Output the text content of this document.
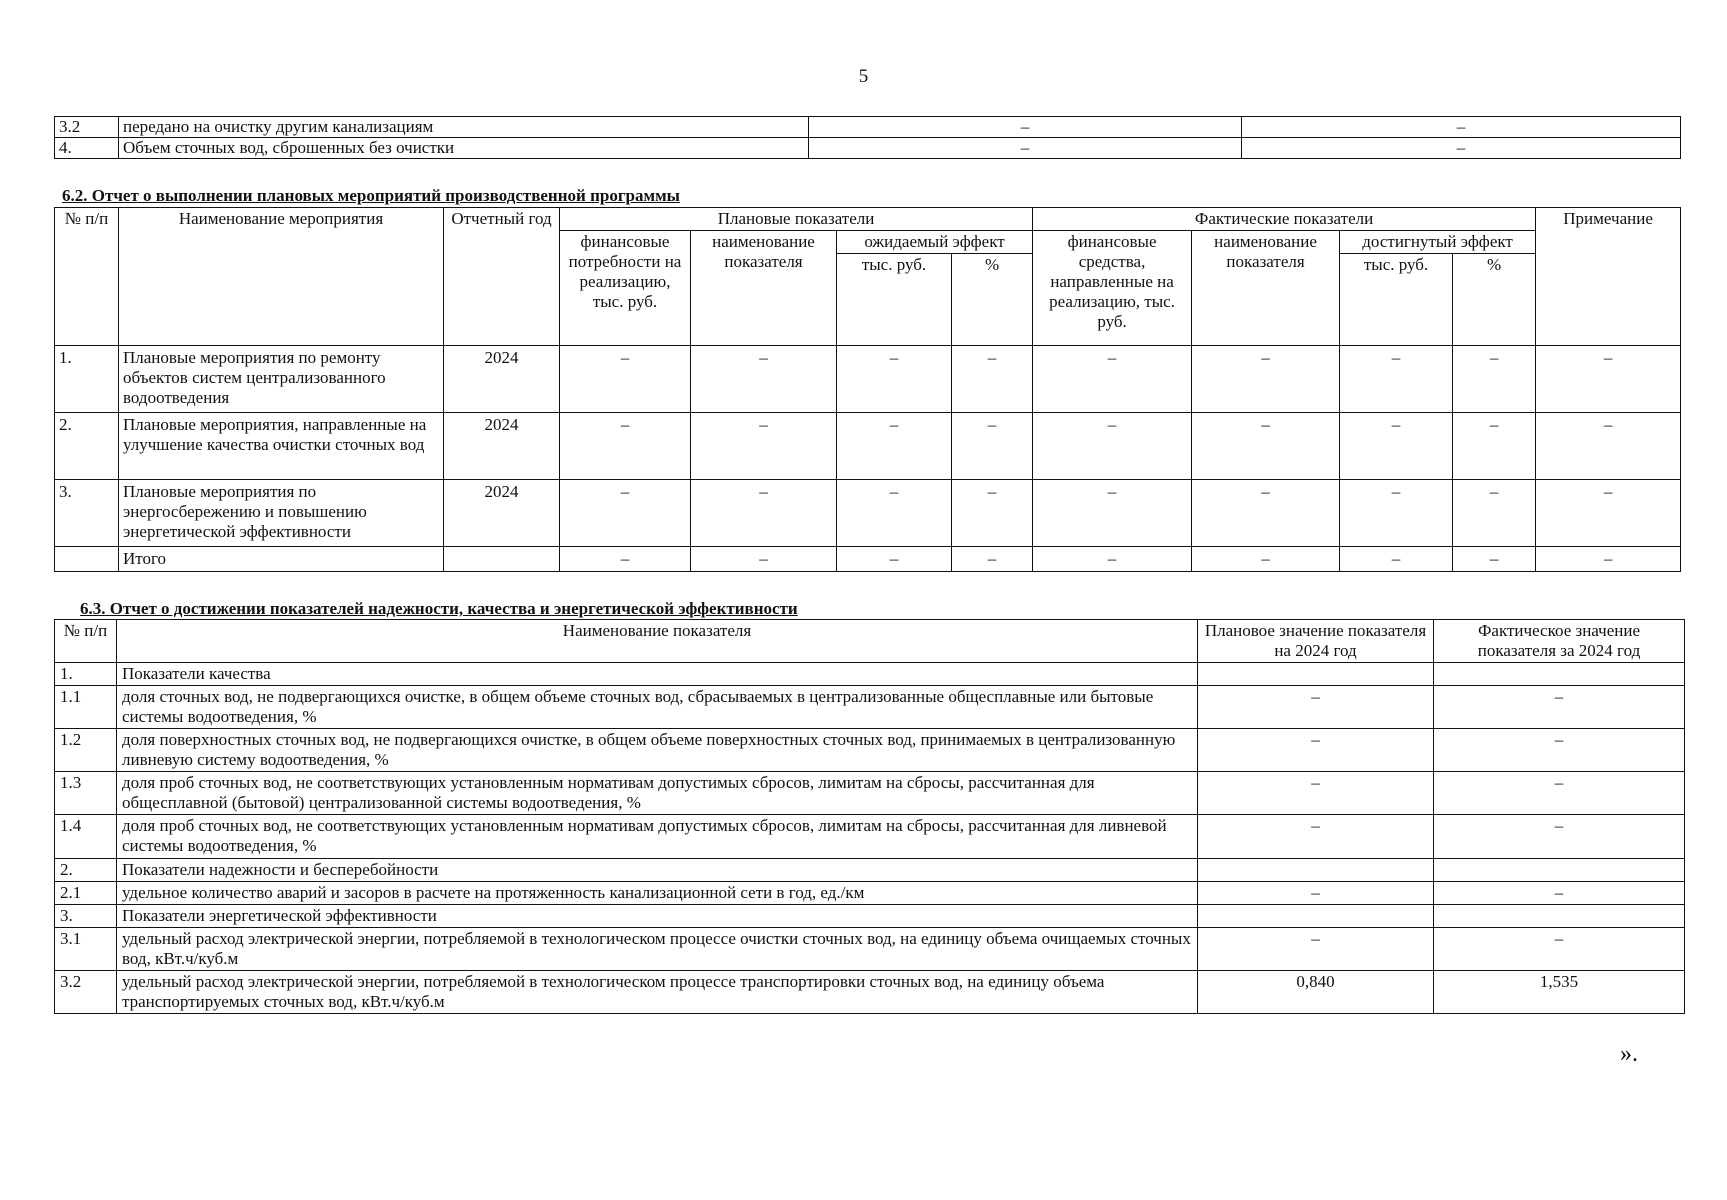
5
3.2	передано на очистку другим канализациям	–	–
4.	Объем сточных вод, сброшенных без очистки	–	–
6.2. Отчет о выполнении плановых мероприятий производственной программы
№ п/п	Наименование мероприятия	Отчетный год	Плановые показатели				Фактические показатели				Примечание
			финансовые потребности на реализацию, тыс. руб.	наименование показателя	ожидаемый эффект		финансовые средства, направленные на реализацию, тыс. руб.	наименование показателя	достигнутый эффект		
					тыс. руб.	%			тыс. руб.	%	
1.	Плановые мероприятия по ремонту объектов систем централизованного водоотведения	2024	–	–	–	–	–	–	–	–	–
2.	Плановые мероприятия, направленные на улучшение качества очистки сточных вод	2024	–	–	–	–	–	–	–	–	–
3.	Плановые мероприятия по энергосбережению и повышению энергетической эффективности	2024	–	–	–	–	–	–	–	–	–
	Итого		–	–	–	–	–	–	–	–	–
6.3. Отчет о достижении показателей надежности, качества и энергетической эффективности
№ п/п	Наименование показателя	Плановое значение показателя на 2024 год	Фактическое значение показателя за 2024 год
1.	Показатели качества		
1.1	доля сточных вод, не подвергающихся очистке, в общем объеме сточных вод, сбрасываемых в централизованные общесплавные или бытовые системы водоотведения, %	–	–
1.2	доля поверхностных сточных вод, не подвергающихся очистке, в общем объеме поверхностных сточных вод, принимаемых в централизованную ливневую систему водоотведения, %	–	–
1.3	доля проб сточных вод, не соответствующих установленным нормативам допустимых сбросов, лимитам на сбросы, рассчитанная для общесплавной (бытовой) централизованной системы водоотведения, %	–	–
1.4	доля проб сточных вод, не соответствующих установленным нормативам допустимых сбросов, лимитам на сбросы, рассчитанная для ливневой системы водоотведения, %	–	–
2.	Показатели надежности и бесперебойности		
2.1	удельное количество аварий и засоров в расчете на протяженность канализационной сети в год, ед./км	–	–
3.	Показатели энергетической эффективности		
3.1	удельный расход электрической энергии, потребляемой в технологическом процессе очистки сточных вод, на единицу объема очищаемых сточных вод, кВт.ч/куб.м	–	–
3.2	удельный расход электрической энергии, потребляемой в технологическом процессе транспортировки сточных вод, на единицу объема транспортируемых сточных вод, кВт.ч/куб.м	0,840	1,535
».
